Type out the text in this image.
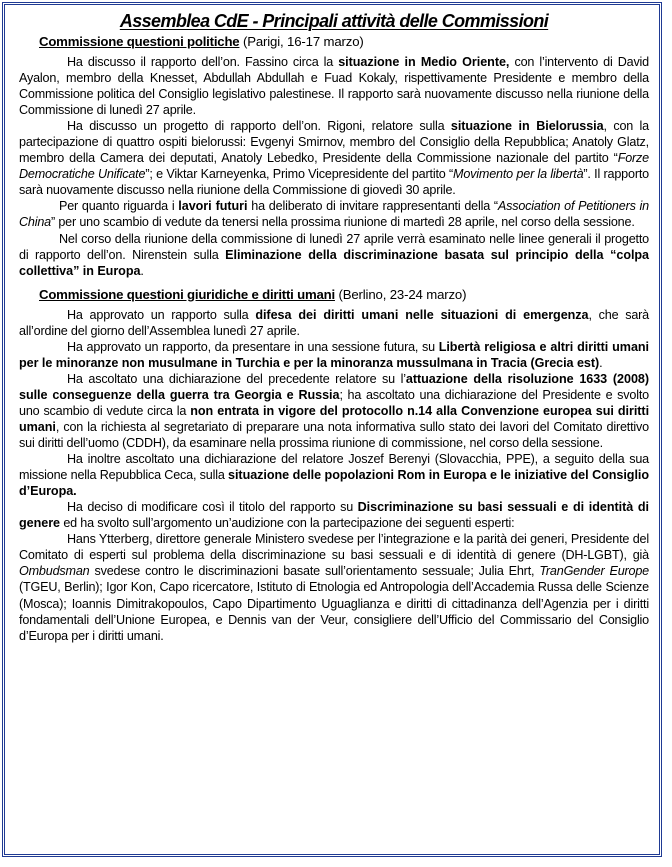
Assemblea CdE - Principali attività delle Commissioni
Commissione questioni politiche (Parigi, 16-17 marzo)

Ha discusso il rapporto dell’on. Fassino circa la situazione in Medio Oriente, con l’intervento di David Ayalon, membro della Knesset, Abdullah Abdullah e Fuad Kokaly, rispettivamente Presidente e membro della Commissione politica del Consiglio legislativo palestinese. Il rapporto sarà nuovamente discusso nella riunione della Commissione di lunedì 27 aprile.

Ha discusso un progetto di rapporto dell’on. Rigoni, relatore sulla situazione in Bielorussia, con la partecipazione di quattro ospiti bielorussi: Evgenyi Smirnov, membro del Consiglio della Repubblica; Anatoly Glatz, membro della Camera dei deputati, Anatoly Lebedko, Presidente della Commissione nazionale del partito “Forze Democratiche Unificate”; e Viktar Karneyenka, Primo Vicepresidente del partito “Movimento per la libertà”. Il rapporto sarà nuovamente discusso nella riunione della Commissione di giovedì 30 aprile.

Per quanto riguarda i lavori futuri ha deliberato di invitare rappresentanti della “Association of Petitioners in China” per uno scambio di vedute da tenersi nella prossima riunione di martedì 28 aprile, nel corso della sessione.

Nel corso della riunione della commissione di lunedì 27 aprile verrà esaminato nelle linee generali il progetto di rapporto dell’on. Nirenstein sulla Eliminazione della discriminazione basata sul principio della “colpa collettiva” in Europa.

Commissione questioni giuridiche e diritti umani (Berlino, 23-24 marzo)

Ha approvato un rapporto sulla difesa dei diritti umani nelle situazioni di emergenza, che sarà all’ordine del giorno dell’Assemblea lunedì 27 aprile.

Ha approvato un rapporto, da presentare in una sessione futura, su Libertà religiosa e altri diritti umani per le minoranze non musulmane in Turchia e per la minoranza mussulmana in Tracia (Grecia est).

Ha ascoltato una dichiarazione del precedente relatore su l’attuazione della risoluzione 1633 (2008) sulle conseguenze della guerra tra Georgia e Russia; ha ascoltato una dichiarazione del Presidente e svolto uno scambio di vedute circa la non entrata in vigore del protocollo n.14 alla Convenzione europea sui diritti umani, con la richiesta al segretariato di preparare una nota informativa sullo stato dei lavori del Comitato direttivo sui diritti dell’uomo (CDDH), da esaminare nella prossima riunione di commissione, nel corso della sessione.

Ha inoltre ascoltato una dichiarazione del relatore Joszef Berenyi (Slovacchia, PPE), a seguito della sua missione nella Repubblica Ceca, sulla situazione delle popolazioni Rom in Europa e le iniziative del Consiglio d’Europa.

Ha deciso di modificare così il titolo del rapporto su Discriminazione su basi sessuali e di identità di genere ed ha svolto sull’argomento un’audizione con la partecipazione dei seguenti esperti:

Hans Ytterberg, direttore generale Ministero svedese per l’integrazione e la parità dei generi, Presidente del Comitato di esperti sul problema della discriminazione su basi sessuali e di identità di genere (DH-LGBT), già Ombudsman svedese contro le discriminazioni basate sull’orientamento sessuale; Julia Ehrt, TranGender Europe (TGEU, Berlin); Igor Kon, Capo ricercatore, Istituto di Etnologia ed Antropologia dell’Accademia Russa delle Scienze (Mosca); Ioannis Dimitrakopoulos, Capo Dipartimento Uguaglianza e diritti di cittadinanza dell’Agenzia per i diritti fondamentali dell’Unione Europea, e Dennis van der Veur, consigliere dell’Ufficio del Commissario del Consiglio d’Europa per i diritti umani.
